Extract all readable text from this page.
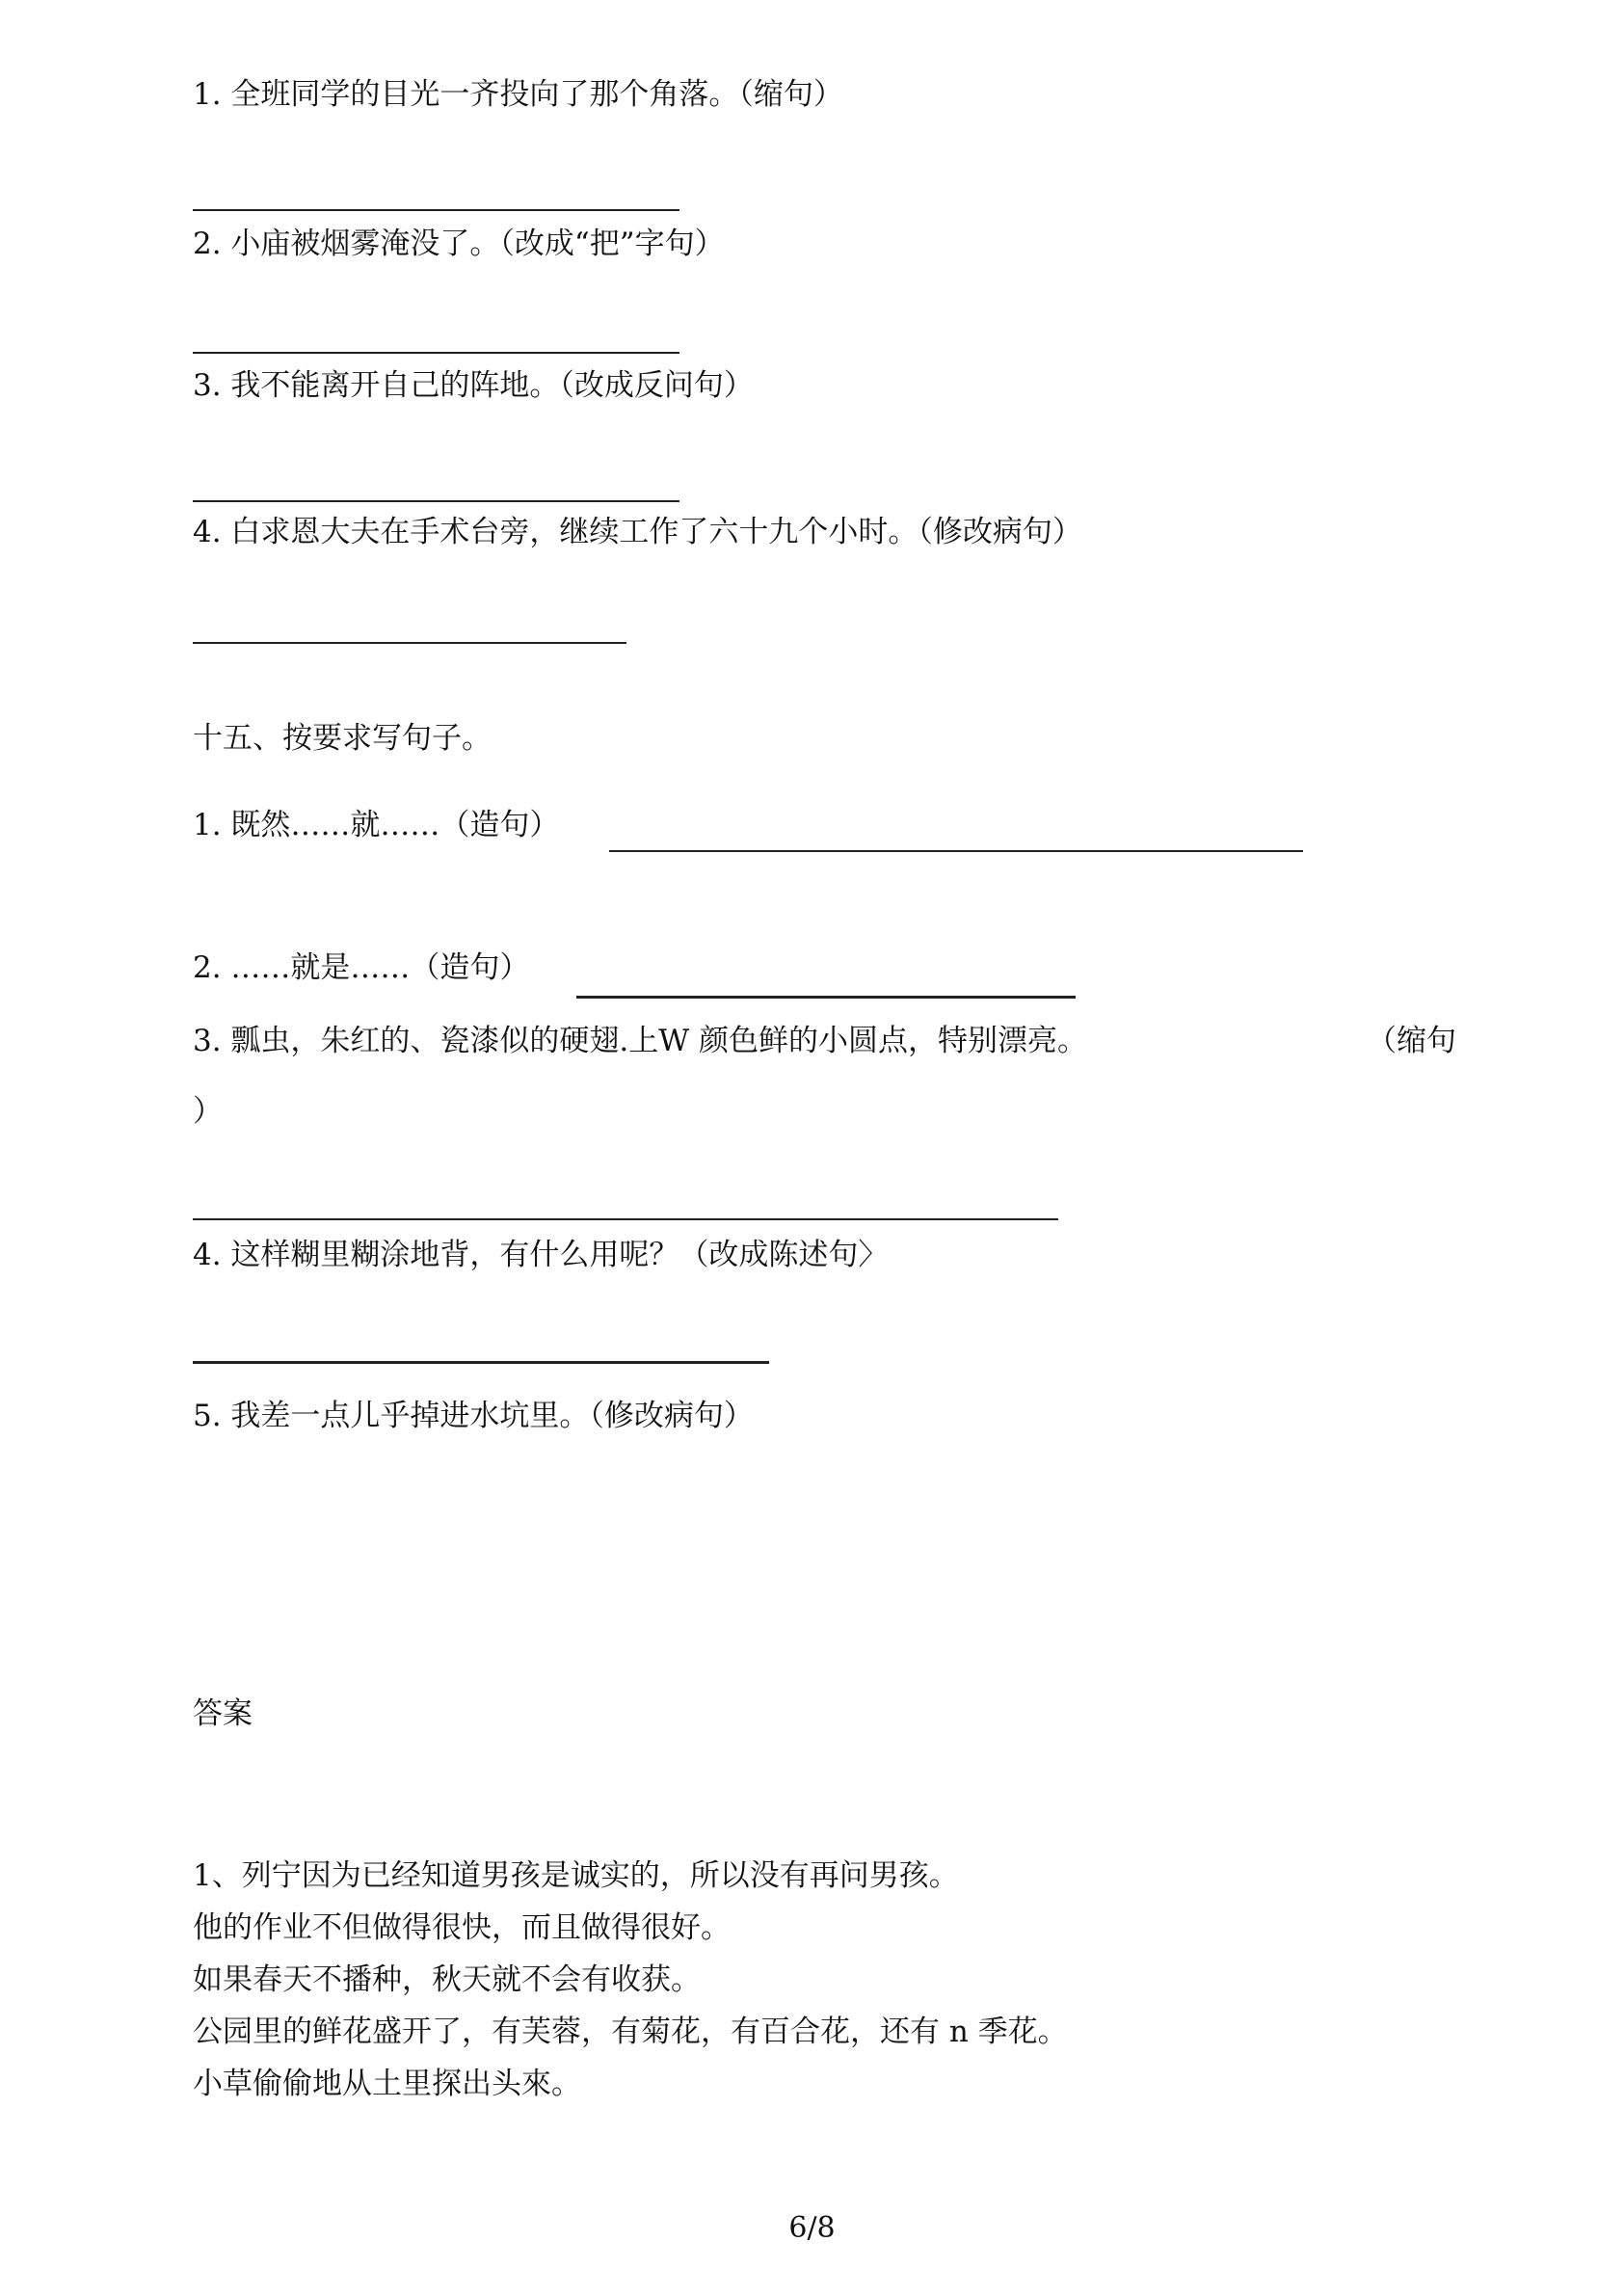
1. 全班同学的目光一齐投向了那个角落。（缩句）
2. 小庙被烟雾淹没了。（改成“把”字句）
3. 我不能离开自己的阵地。（改成反问句）
4. 白求恩大夫在手术台旁，继续工作了六十九个小时。（修改病句）
十五、按要求写句子。
1. 既然……就……（造句）
2. ……就是……（造句）
3. 瓢虫，朱红的、瓷漆似的硬翅.上W 颜色鲜的小圆点，特别漂亮。	（缩句
）
4. 这样糊里糊涂地背，有什么用呢？（改成陈述句〉
5. 我差一点儿乎掉进水坑里。（修改病句）
答案
1、列宁因为已经知道男孩是诚实的，所以没有再问男孩。
他的作业不但做得很快，而且做得很好。
如果春天不播种，秋天就不会有收获。
公园里的鲜花盛开了，有芙蓉，有菊花，有百合花，还有 n 季花。
小草偷偷地从土里探出头來。
6/8
